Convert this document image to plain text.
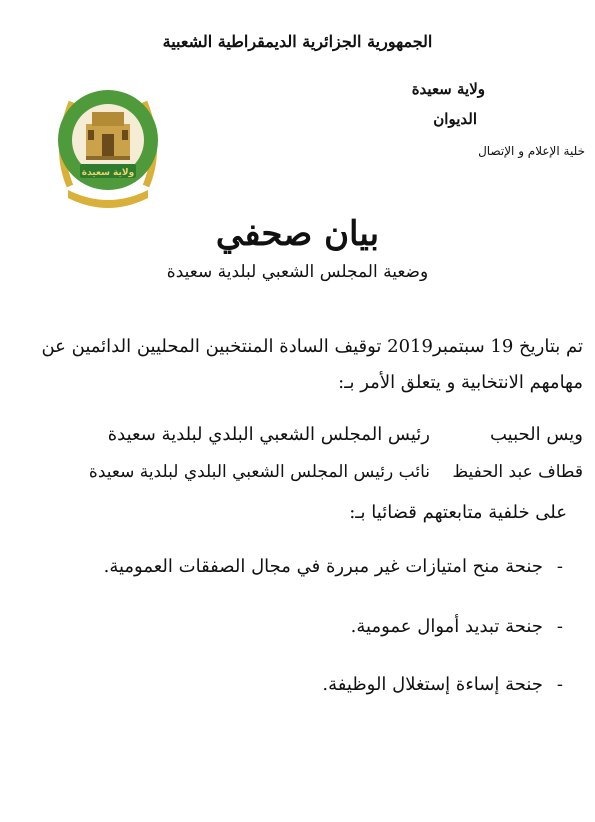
الجمهورية الجزائرية الديمقراطية الشعبية
ولاية سعيدة
الديوان
خلية الإعلام و الإتصال
ولاية سعيدة
بيان صحفي
وضعية المجلس الشعبي لبلدية سعيدة
تم بتاريخ 19 سبتمبر2019 توقيف السادة المنتخبين المحليين الدائمين عن
مهامهم الانتخابية و يتعلق الأمر بـ:
ويس الحبيب
رئيس المجلس الشعبي البلدي لبلدية سعيدة
قطاف عبد الحفيظ
نائب رئيس المجلس الشعبي البلدي لبلدية سعيدة
على خلفية متابعتهم قضائيا بـ:
-جنحة منح امتيازات غير مبررة في مجال الصفقات العمومية.
-جنحة تبديد أموال عمومية.
-جنحة إساءة إستغلال الوظيفة.
